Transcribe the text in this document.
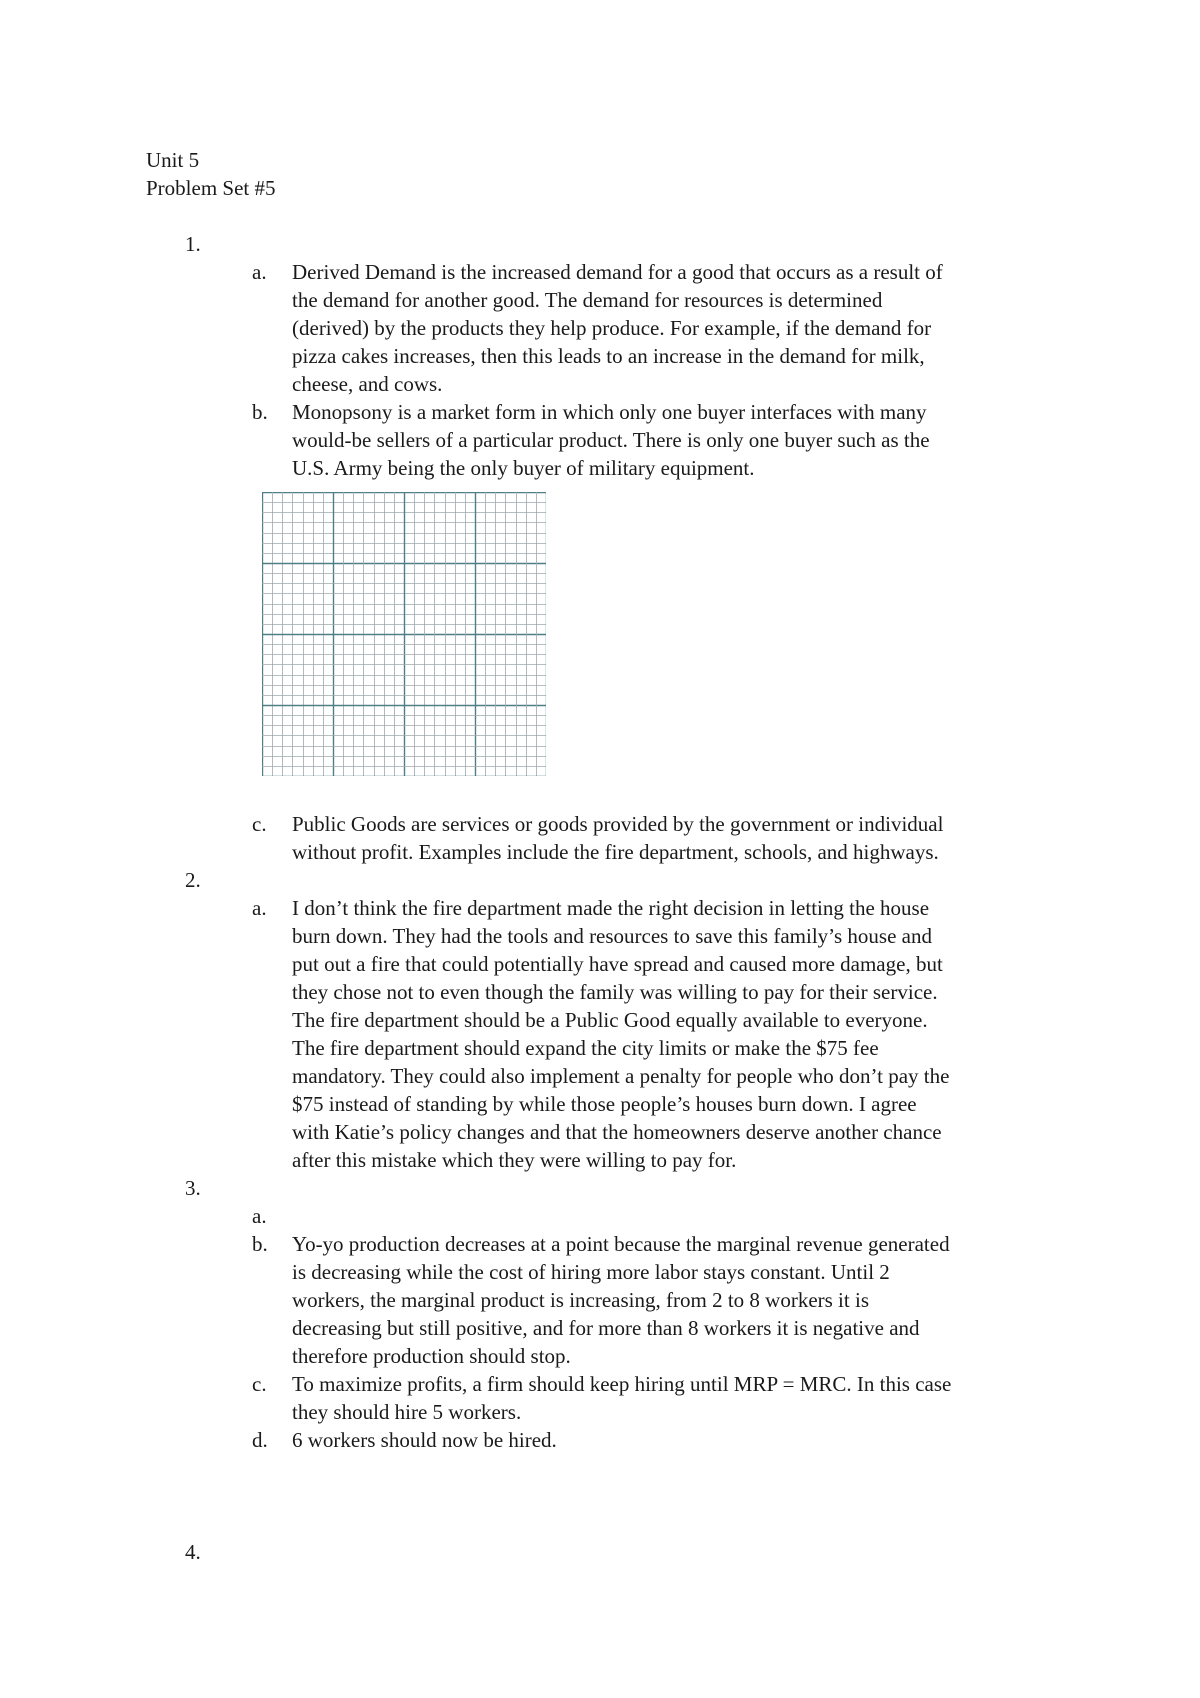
Unit 5
Problem Set #5
1.
a. Derived Demand is the increased demand for a good that occurs as a result of
the demand for another good. The demand for resources is determined
(derived) by the products they help produce. For example, if the demand for
pizza cakes increases, then this leads to an increase in the demand for milk,
cheese, and cows.
b. Monopsony is a market form in which only one buyer interfaces with many
would-be sellers of a particular product. There is only one buyer such as the
U.S. Army being the only buyer of military equipment.
c. Public Goods are services or goods provided by the government or individual
without profit. Examples include the fire department, schools, and highways.
2.
a. I don’t think the fire department made the right decision in letting the house
burn down. They had the tools and resources to save this family’s house and
put out a fire that could potentially have spread and caused more damage, but
they chose not to even though the family was willing to pay for their service.
The fire department should be a Public Good equally available to everyone.
The fire department should expand the city limits or make the $75 fee
mandatory. They could also implement a penalty for people who don’t pay the
$75 instead of standing by while those people’s houses burn down. I agree
with Katie’s policy changes and that the homeowners deserve another chance
after this mistake which they were willing to pay for.
3.
a.
b. Yo-yo production decreases at a point because the marginal revenue generated
is decreasing while the cost of hiring more labor stays constant. Until 2
workers, the marginal product is increasing, from 2 to 8 workers it is
decreasing but still positive, and for more than 8 workers it is negative and
therefore production should stop.
c. To maximize profits, a firm should keep hiring until MRP = MRC. In this case
they should hire 5 workers.
d. 6 workers should now be hired.
4.
